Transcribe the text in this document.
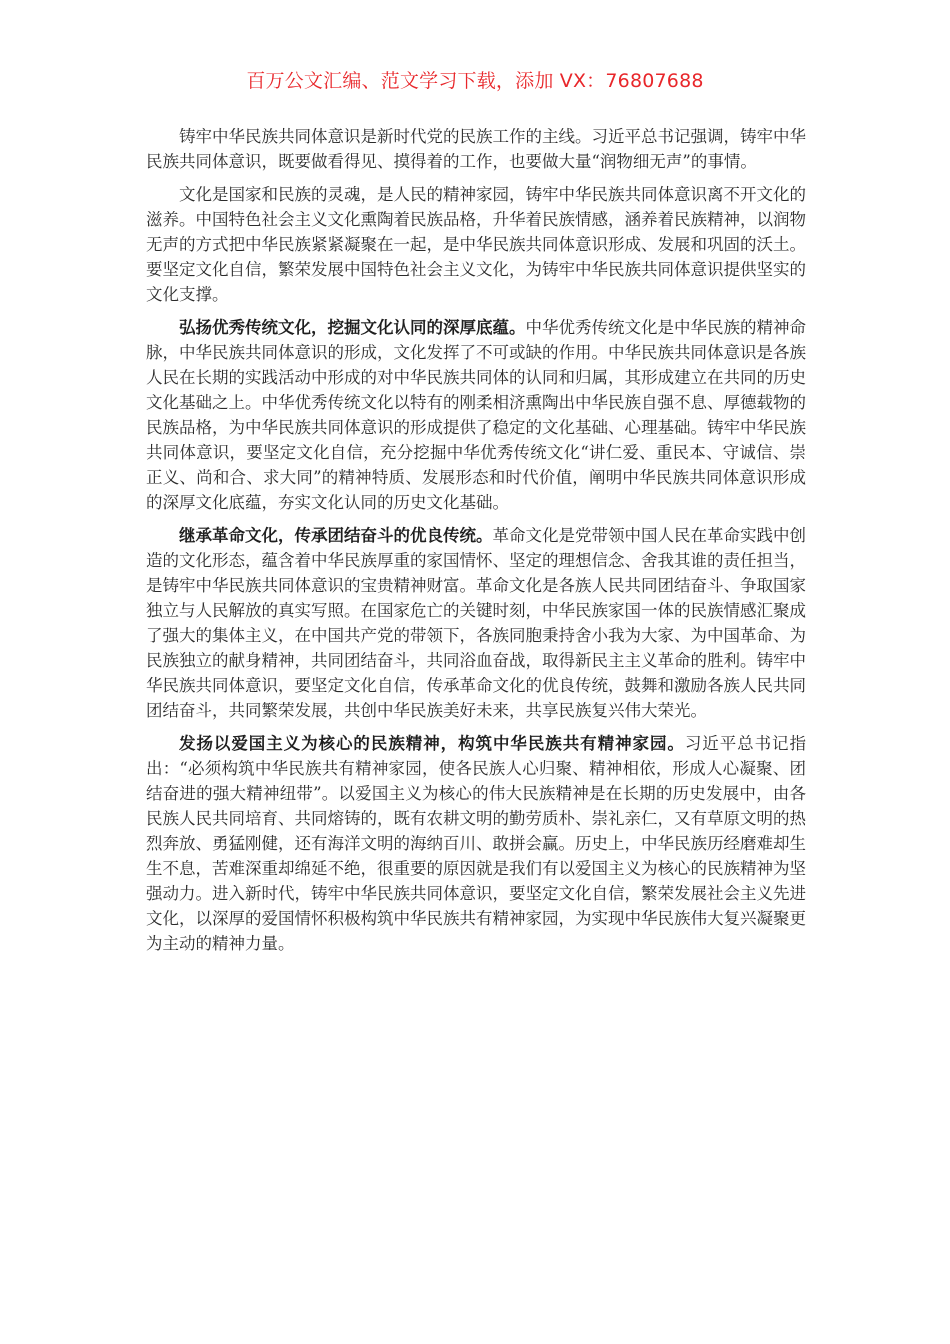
百万公文汇编、范文学习下载，添加 VX：76807688

铸牢中华民族共同体意识是新时代党的民族工作的主线。习近平总书记强调，铸牢中华民族共同体意识，既要做看得见、摸得着的工作，也要做大量“润物细无声”的事情。

文化是国家和民族的灵魂，是人民的精神家园，铸牢中华民族共同体意识离不开文化的滋养。中国特色社会主义文化熏陶着民族品格，升华着民族情感，涵养着民族精神，以润物无声的方式把中华民族紧紧凝聚在一起，是中华民族共同体意识形成、发展和巩固的沃土。要坚定文化自信，繁荣发展中国特色社会主义文化，为铸牢中华民族共同体意识提供坚实的文化支撑。

弘扬优秀传统文化，挖掘文化认同的深厚底蕴。中华优秀传统文化是中华民族的精神命脉，中华民族共同体意识的形成，文化发挥了不可或缺的作用。中华民族共同体意识是各族人民在长期的实践活动中形成的对中华民族共同体的认同和归属，其形成建立在共同的历史文化基础之上。中华优秀传统文化以特有的刚柔相济熏陶出中华民族自强不息、厚德载物的民族品格，为中华民族共同体意识的形成提供了稳定的文化基础、心理基础。铸牢中华民族共同体意识，要坚定文化自信，充分挖掘中华优秀传统文化“讲仁爱、重民本、守诚信、崇正义、尚和合、求大同”的精神特质、发展形态和时代价值，阐明中华民族共同体意识形成的深厚文化底蕴，夯实文化认同的历史文化基础。

继承革命文化，传承团结奋斗的优良传统。革命文化是党带领中国人民在革命实践中创造的文化形态，蕴含着中华民族厚重的家国情怀、坚定的理想信念、舍我其谁的责任担当，是铸牢中华民族共同体意识的宝贵精神财富。革命文化是各族人民共同团结奋斗、争取国家独立与人民解放的真实写照。在国家危亡的关键时刻，中华民族家国一体的民族情感汇聚成了强大的集体主义，在中国共产党的带领下，各族同胞秉持舍小我为大家、为中国革命、为民族独立的献身精神，共同团结奋斗，共同浴血奋战，取得新民主主义革命的胜利。铸牢中华民族共同体意识，要坚定文化自信，传承革命文化的优良传统，鼓舞和激励各族人民共同团结奋斗，共同繁荣发展，共创中华民族美好未来，共享民族复兴伟大荣光。

发扬以爱国主义为核心的民族精神，构筑中华民族共有精神家园。习近平总书记指出：“必须构筑中华民族共有精神家园，使各民族人心归聚、精神相依，形成人心凝聚、团结奋进的强大精神纽带”。以爱国主义为核心的伟大民族精神是在长期的历史发展中，由各民族人民共同培育、共同熔铸的，既有农耕文明的勤劳质朴、崇礼亲仁，又有草原文明的热烈奔放、勇猛刚健，还有海洋文明的海纳百川、敢拼会赢。历史上，中华民族历经磨难却生生不息，苦难深重却绵延不绝，很重要的原因就是我们有以爱国主义为核心的民族精神为坚强动力。进入新时代，铸牢中华民族共同体意识，要坚定文化自信，繁荣发展社会主义先进文化，以深厚的爱国情怀积极构筑中华民族共有精神家园，为实现中华民族伟大复兴凝聚更为主动的精神力量。
